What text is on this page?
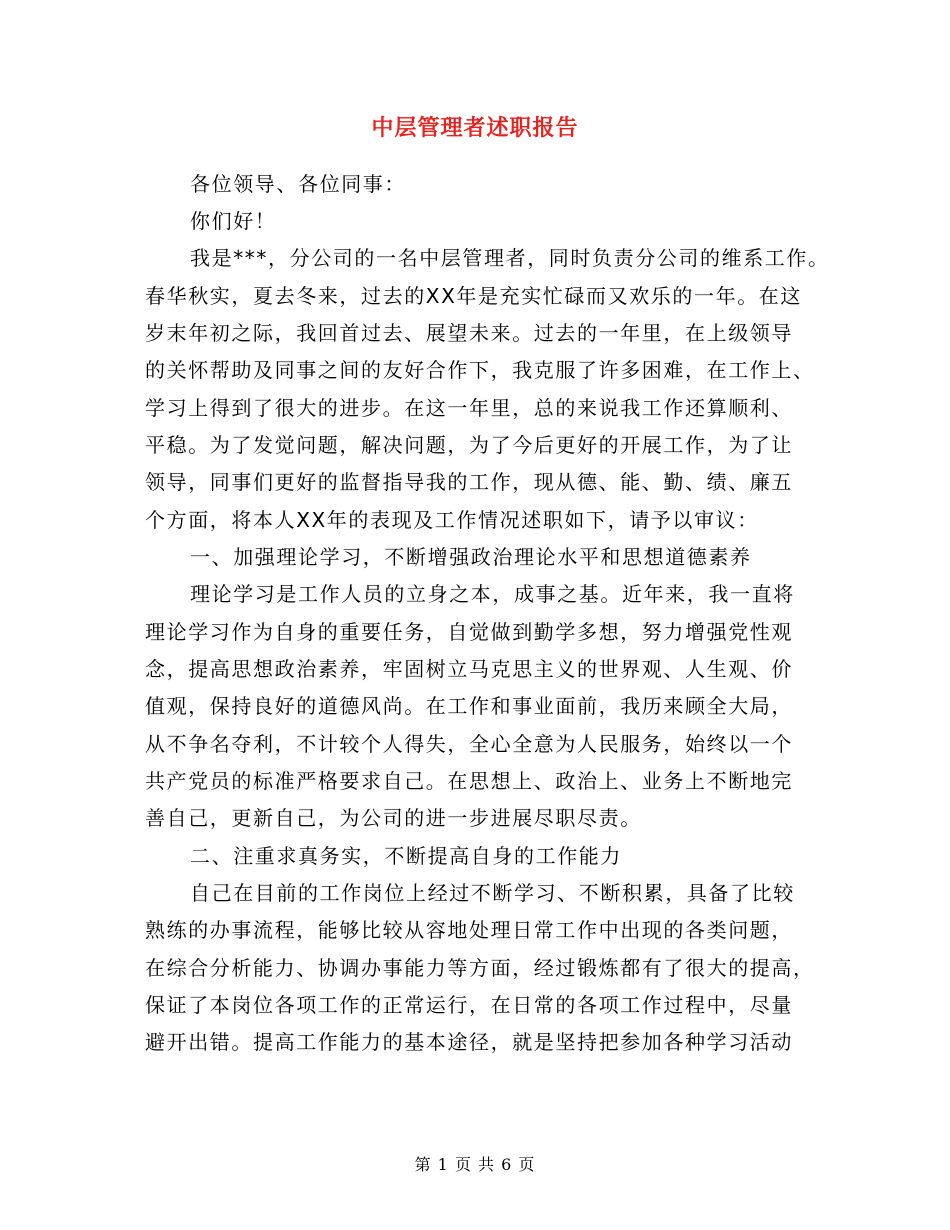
中层管理者述职报告
各位领导、各位同事：
你们好！
我是***，分公司的一名中层管理者，同时负责分公司的维系工作。
春华秋实，夏去冬来，过去的XX年是充实忙碌而又欢乐的一年。在这
岁末年初之际，我回首过去、展望未来。过去的一年里，在上级领导
的关怀帮助及同事之间的友好合作下，我克服了许多困难，在工作上、
学习上得到了很大的进步。在这一年里，总的来说我工作还算顺利、
平稳。为了发觉问题，解决问题，为了今后更好的开展工作，为了让
领导，同事们更好的监督指导我的工作，现从德、能、勤、绩、廉五
个方面，将本人XX年的表现及工作情况述职如下，请予以审议：
一、加强理论学习，不断增强政治理论水平和思想道德素养
理论学习是工作人员的立身之本，成事之基。近年来，我一直将
理论学习作为自身的重要任务，自觉做到勤学多想，努力增强党性观
念，提高思想政治素养，牢固树立马克思主义的世界观、人生观、价
值观，保持良好的道德风尚。在工作和事业面前，我历来顾全大局，
从不争名夺利，不计较个人得失，全心全意为人民服务，始终以一个
共产党员的标准严格要求自己。在思想上、政治上、业务上不断地完
善自己，更新自己，为公司的进一步进展尽职尽责。
二、注重求真务实，不断提高自身的工作能力
自己在目前的工作岗位上经过不断学习、不断积累，具备了比较
熟练的办事流程，能够比较从容地处理日常工作中出现的各类问题，
在综合分析能力、协调办事能力等方面，经过锻炼都有了很大的提高，
保证了本岗位各项工作的正常运行，在日常的各项工作过程中，尽量
避开出错。提高工作能力的基本途径，就是坚持把参加各种学习活动
第 1 页 共 6 页
